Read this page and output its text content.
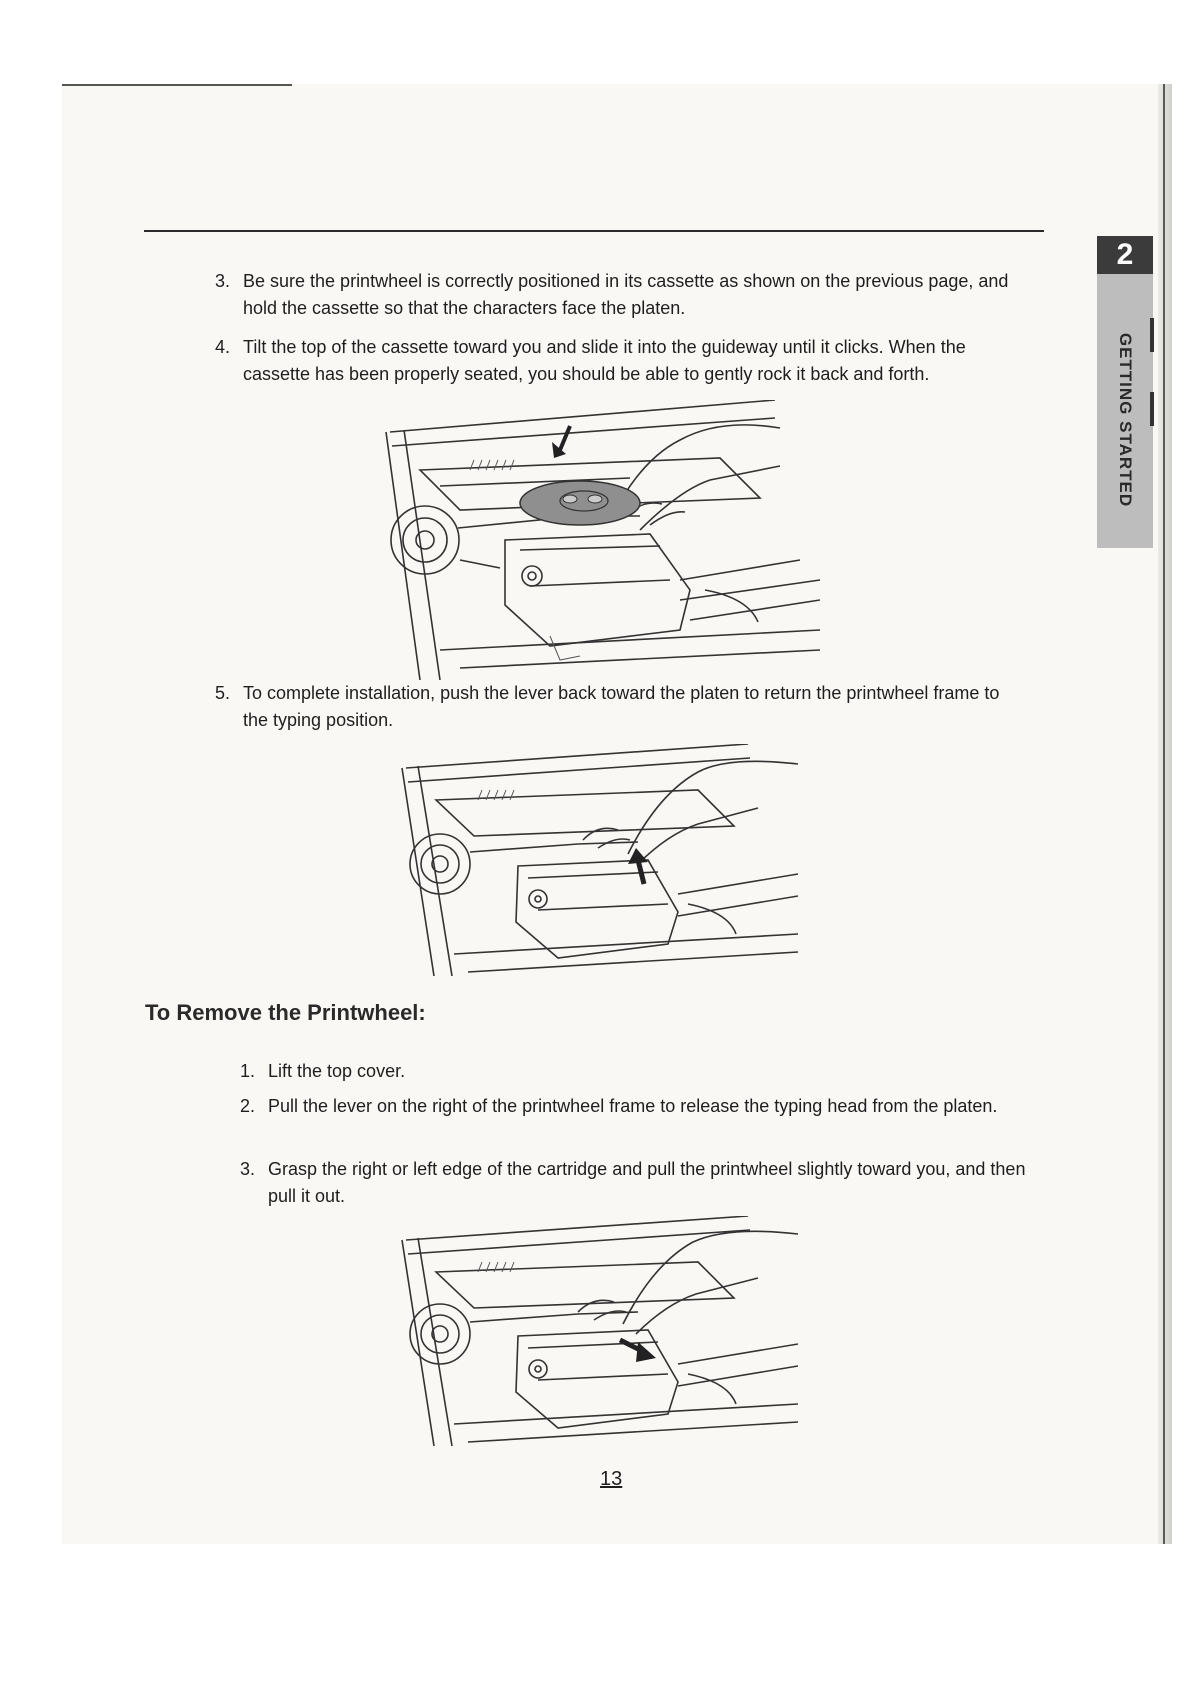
2
GETTING STARTED
3. Be sure the printwheel is correctly positioned in its cassette as shown on the previous page, and hold the cassette so that the characters face the platen.
4. Tilt the top of the cassette toward you and slide it into the guideway until it clicks. When the cassette has been properly seated, you should be able to gently rock it back and forth.
5. To complete installation, push the lever back toward the platen to return the printwheel frame to the typing position.
To Remove the Printwheel:
1. Lift the top cover.
2. Pull the lever on the right of the printwheel frame to release the typing head from the platen.
3. Grasp the right or left edge of the cartridge and pull the printwheel slightly toward you, and then pull it out.
13
